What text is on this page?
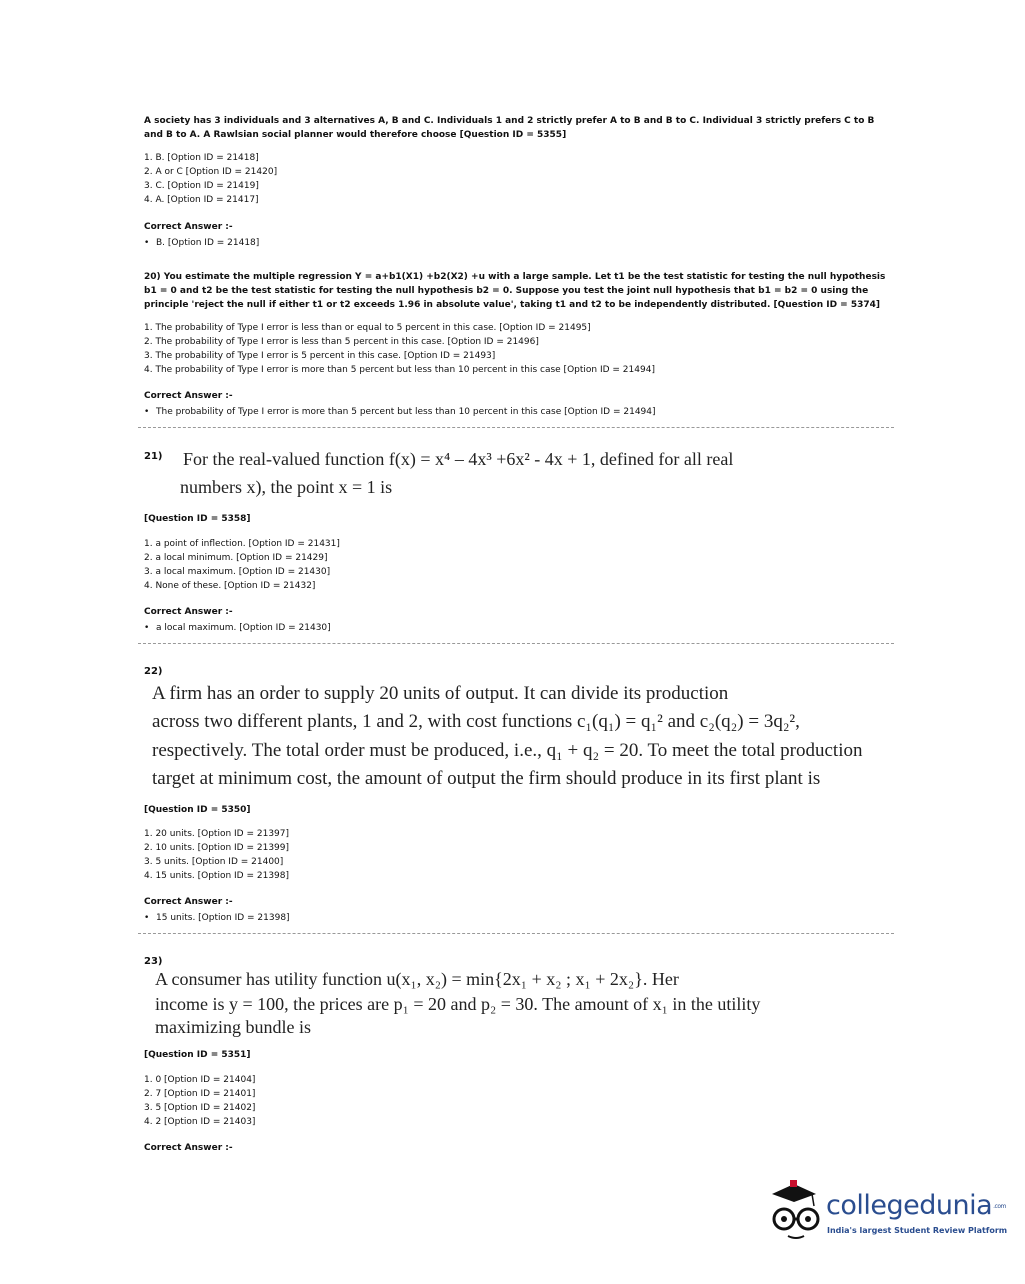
A society has 3 individuals and 3 alternatives A, B and C. Individuals 1 and 2 strictly prefer A to B and B to C. Individual 3 strictly prefers C to B and B to A. A Rawlsian social planner would therefore choose [Question ID = 5355]
1. B. [Option ID = 21418]
2. A or C [Option ID = 21420]
3. C. [Option ID = 21419]
4. A. [Option ID = 21417]
Correct Answer :-
• B. [Option ID = 21418]
20) You estimate the multiple regression Y = a+b1(X1) +b2(X2) +u with a large sample. Let t1 be the test statistic for testing the null hypothesis b1 = 0 and t2 be the test statistic for testing the null hypothesis b2 = 0. Suppose you test the joint null hypothesis that b1 = b2 = 0 using the principle 'reject the null if either t1 or t2 exceeds 1.96 in absolute value', taking t1 and t2 to be independently distributed. [Question ID = 5374]
1. The probability of Type I error is less than or equal to 5 percent in this case. [Option ID = 21495]
2. The probability of Type I error is less than 5 percent in this case. [Option ID = 21496]
3. The probability of Type I error is 5 percent in this case. [Option ID = 21493]
4. The probability of Type I error is more than 5 percent but less than 10 percent in this case [Option ID = 21494]
Correct Answer :-
• The probability of Type I error is more than 5 percent but less than 10 percent in this case [Option ID = 21494]
21) For the real-valued function f(x) = x⁴ – 4x³ +6x² - 4x + 1, defined for all real
numbers x), the point x = 1 is
[Question ID = 5358]
1. a point of inflection. [Option ID = 21431]
2. a local minimum. [Option ID = 21429]
3. a local maximum. [Option ID = 21430]
4. None of these. [Option ID = 21432]
Correct Answer :-
• a local maximum. [Option ID = 21430]
22)
A firm has an order to supply 20 units of output. It can divide its production
across two different plants, 1 and 2, with cost functions c₁(q₁) = q₁² and c₂(q₂) = 3q₂²,
respectively. The total order must be produced, i.e., q₁ + q₂ = 20. To meet the total production
target at minimum cost, the amount of output the firm should produce in its first plant is
[Question ID = 5350]
1. 20 units. [Option ID = 21397]
2. 10 units. [Option ID = 21399]
3. 5 units. [Option ID = 21400]
4. 15 units. [Option ID = 21398]
Correct Answer :-
• 15 units. [Option ID = 21398]
23)
A consumer has utility function u(x₁, x₂) = min{2x₁ + x₂ ; x₁ + 2x₂}. Her
income is y = 100, the prices are p₁ = 20 and p₂ = 30. The amount of x₁ in the utility
maximizing bundle is
[Question ID = 5351]
1. 0 [Option ID = 21404]
2. 7 [Option ID = 21401]
3. 5 [Option ID = 21402]
4. 2 [Option ID = 21403]
Correct Answer :-
collegedunia.com
India's largest Student Review Platform
